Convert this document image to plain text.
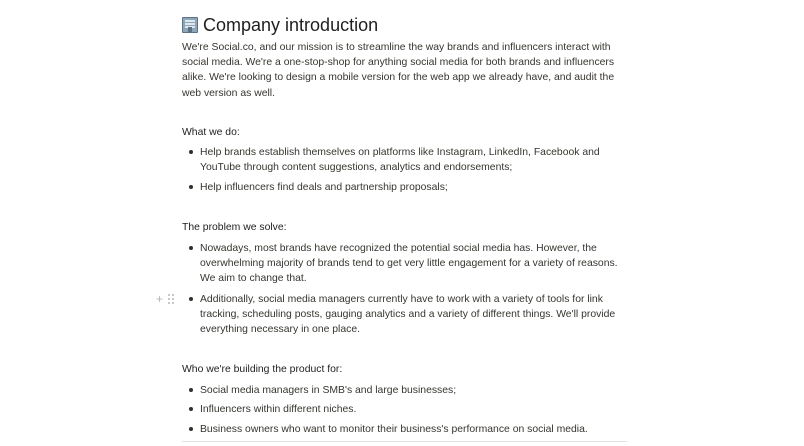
Company introduction
We're Social.co, and our mission is to streamline the way brands and influencers interact with social media. We're a one-stop-shop for anything social media for both brands and influencers alike. We're looking to design a mobile version for the web app we already have, and audit the web version as well.
What we do:
Help brands establish themselves on platforms like Instagram, LinkedIn, Facebook and YouTube through content suggestions, analytics and endorsements;
Help influencers find deals and partnership proposals;
The problem we solve:
Nowadays, most brands have recognized the potential social media has. However, the overwhelming majority of brands tend to get very little engagement for a variety of reasons. We aim to change that.
Additionally, social media managers currently have to work with a variety of tools for link tracking, scheduling posts, gauging analytics and a variety of different things. We'll provide everything necessary in one place.
Who we're building the product for:
Social media managers in SMB's and large businesses;
Influencers within different niches.
Business owners who want to monitor their business's performance on social media.
+
